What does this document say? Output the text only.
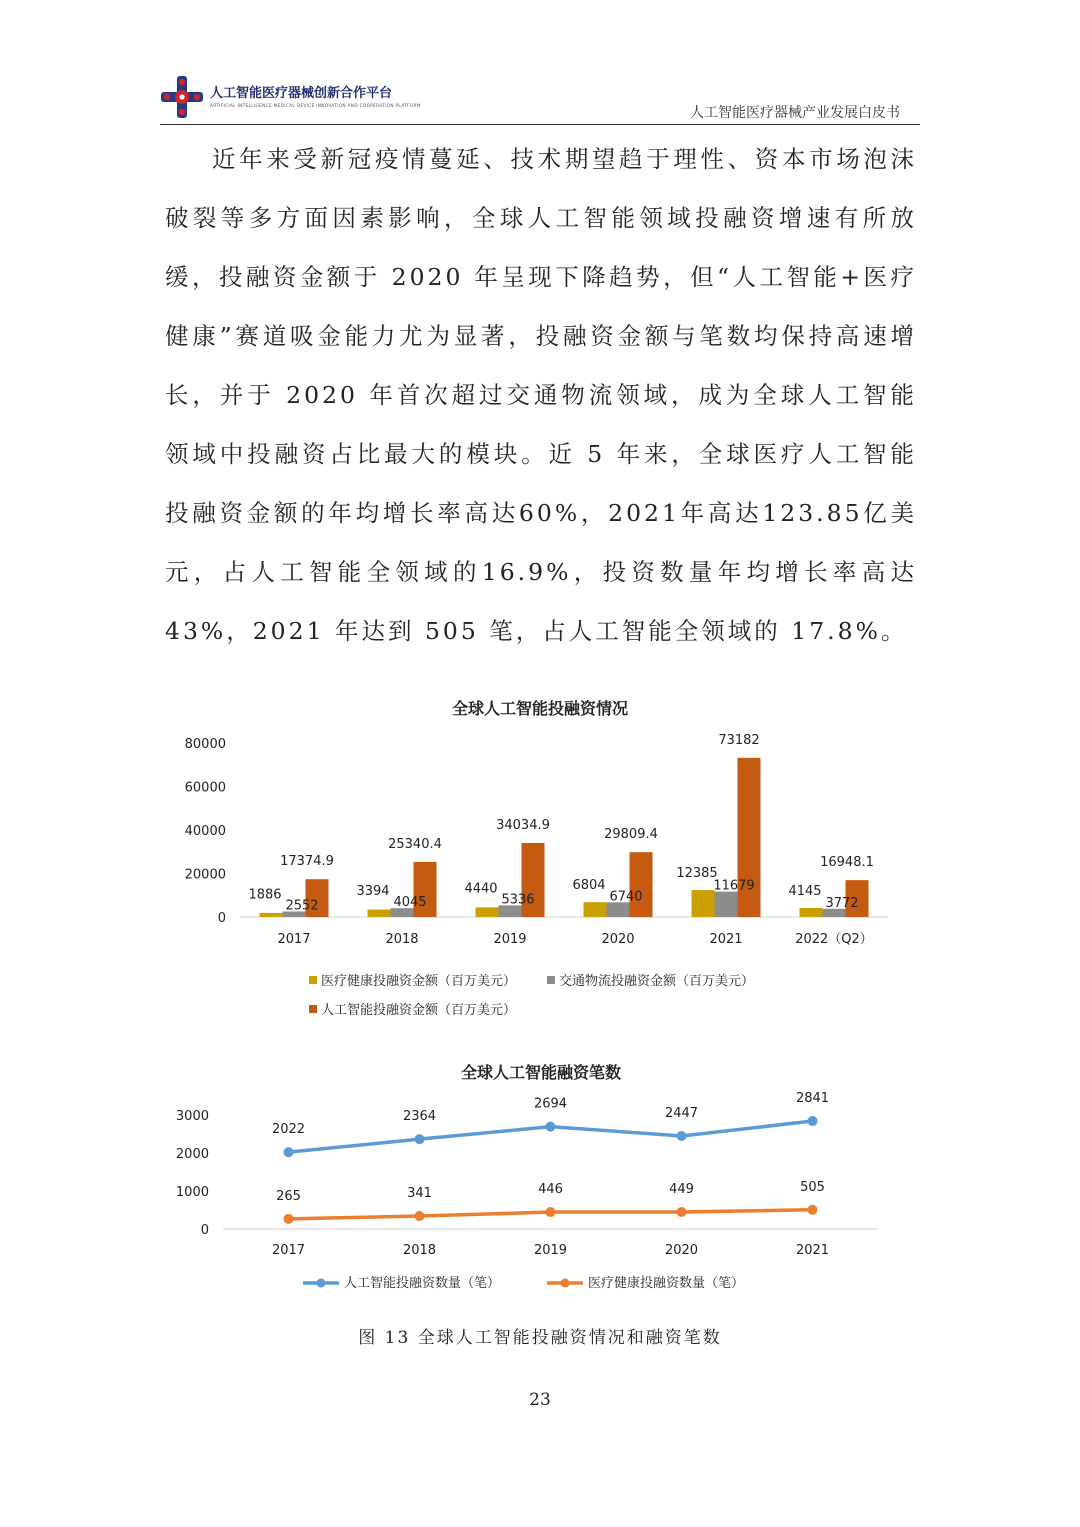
人工智能医疗器械创新合作平台
ARTIFICIAL INTELLIGENCE MEDICAL DEVICE INNOVATION AND COOPERATION PLATFORM	人工智能医疗器械产业发展白皮书

近年来受新冠疫情蔓延、技术期望趋于理性、资本市场泡沫破裂等多方面因素影响，全球人工智能领域投融资增速有所放缓，投融资金额于 2020 年呈现下降趋势，但“人工智能+医疗健康”赛道吸金能力尤为显著，投融资金额与笔数均保持高速增长，并于 2020 年首次超过交通物流领域，成为全球人工智能领域中投融资占比最大的模块。近 5 年来，全球医疗人工智能投融资金额的年均增长率高达60%，2021年高达123.85亿美元，占人工智能全领域的16.9%，投资数量年均增长率高达 43%，2021 年达到 505 笔，占人工智能全领域的 17.8%。

全球人工智能投融资情况
0
20000
40000
60000
80000
2017
1886
2552
17374.9
2018
3394
4045
25340.4
2019
4440
5336
34034.9
2020
6804
6740
29809.4
2021
12385
11679
73182
2022（Q2）
4145
3772
16948.1
医疗健康投融资金额（百万美元）	交通物流投融资金额（百万美元）
人工智能投融资金额（百万美元）
全球人工智能融资笔数
0
1000
2000
3000
2017	2018	2019	2020	2021
2022
2364
2694
2447
2841
265	341	446	449	505
人工智能投融资数量（笔）	医疗健康投融资数量（笔）
图 13 全球人工智能投融资情况和融资笔数
23
